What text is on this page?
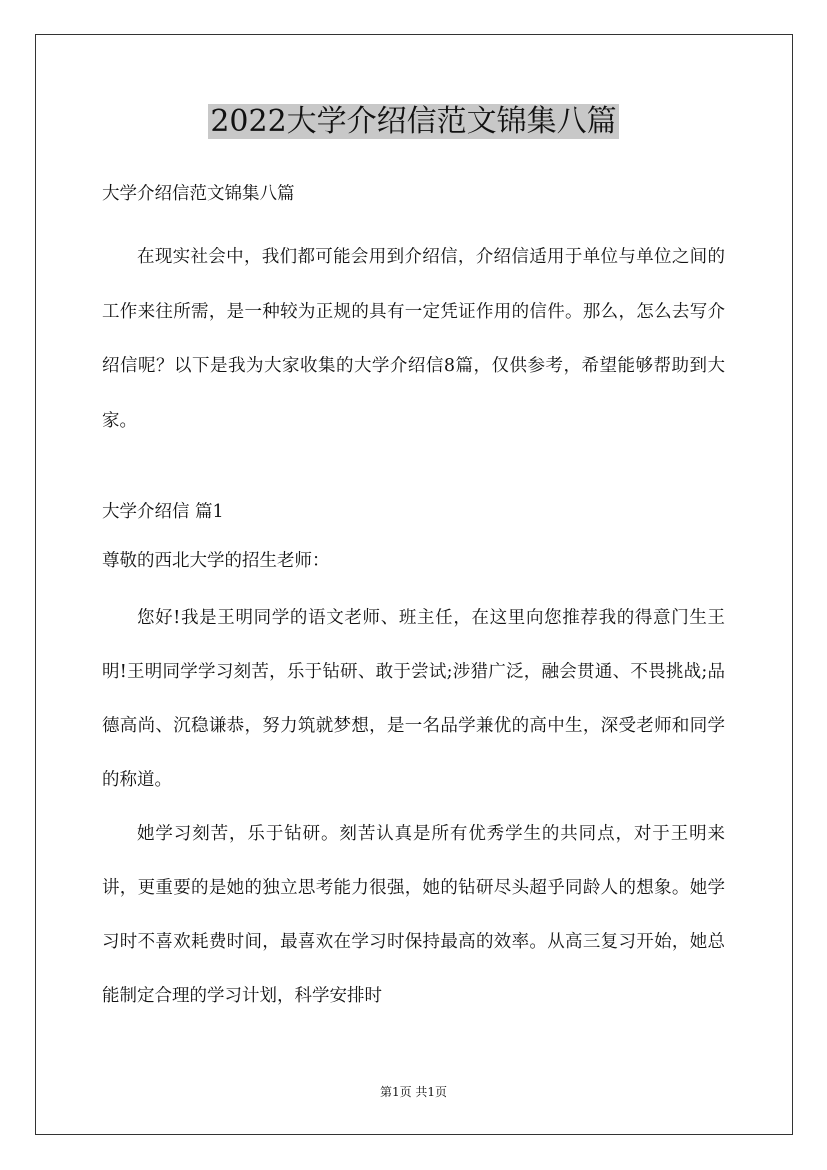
2022大学介绍信范文锦集八篇

大学介绍信范文锦集八篇

在现实社会中，我们都可能会用到介绍信，介绍信适用于单位与单位之间的工作来往所需，是一种较为正规的具有一定凭证作用的信件。那么，怎么去写介绍信呢？以下是我为大家收集的大学介绍信8篇，仅供参考，希望能够帮助到大家。

大学介绍信 篇1

尊敬的西北大学的招生老师：

您好!我是王明同学的语文老师、班主任，在这里向您推荐我的得意门生王明!王明同学学习刻苦，乐于钻研、敢于尝试;涉猎广泛，融会贯通、不畏挑战;品德高尚、沉稳谦恭，努力筑就梦想，是一名品学兼优的高中生，深受老师和同学的称道。

她学习刻苦，乐于钻研。刻苦认真是所有优秀学生的共同点，对于王明来讲，更重要的是她的独立思考能力很强，她的钻研尽头超乎同龄人的想象。她学习时不喜欢耗费时间，最喜欢在学习时保持最高的效率。从高三复习开始，她总能制定合理的学习计划，科学安排时

第1页 共1页
